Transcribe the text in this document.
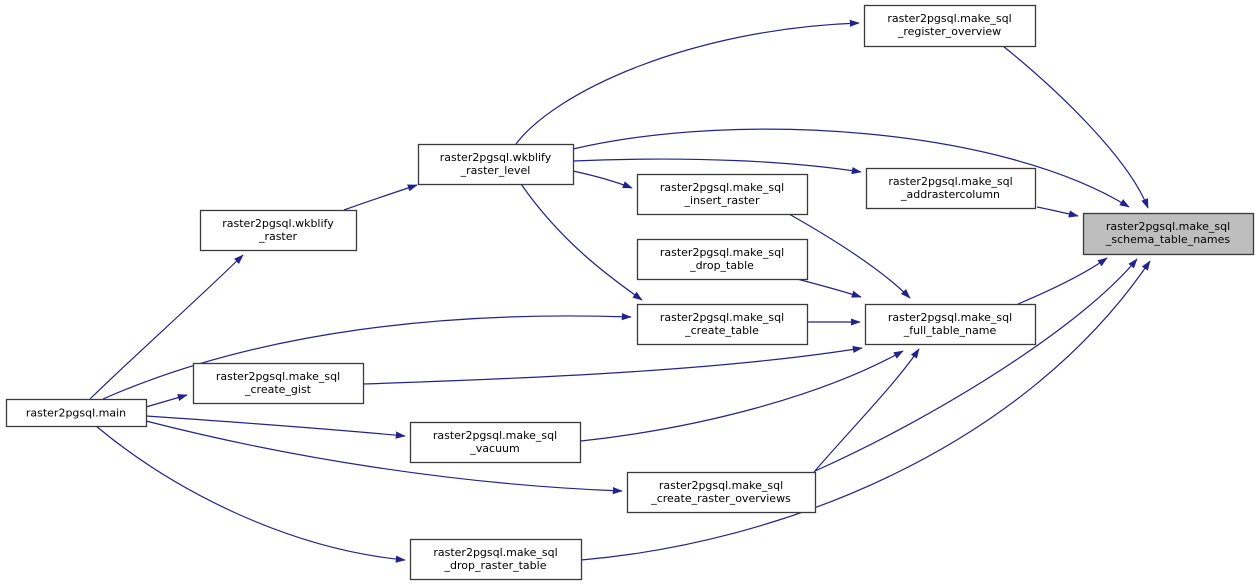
raster2pgsql.main
raster2pgsql.wkblify _raster
raster2pgsql.wkblify _raster_level
raster2pgsql.make_sql _register_overview
raster2pgsql.make_sql _insert_raster
raster2pgsql.make_sql _addrastercolumn
raster2pgsql.make_sql _drop_table
raster2pgsql.make_sql _create_table
raster2pgsql.make_sql _full_table_name
raster2pgsql.make_sql _schema_table_names
raster2pgsql.make_sql _create_gist
raster2pgsql.make_sql _vacuum
raster2pgsql.make_sql _create_raster_overviews
raster2pgsql.make_sql _drop_raster_table
